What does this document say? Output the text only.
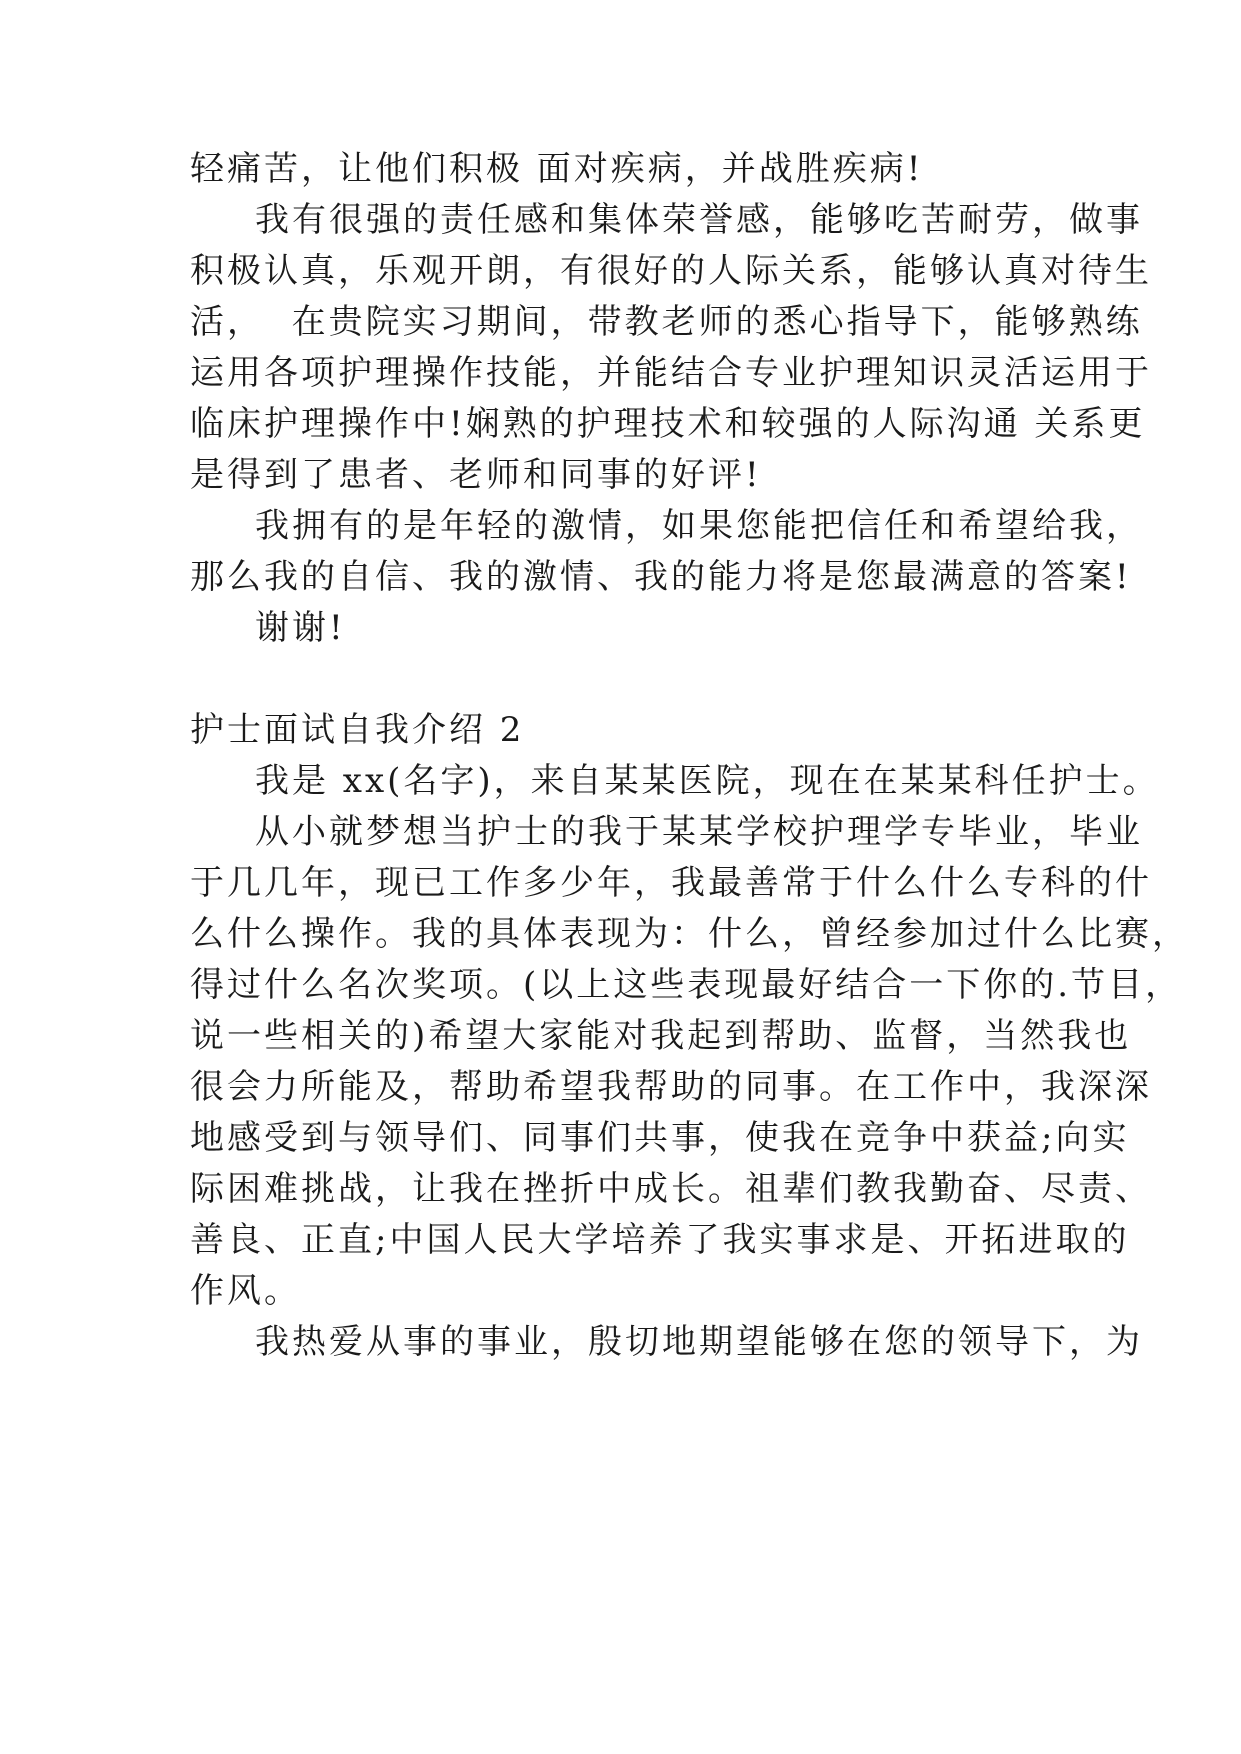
轻痛苦，让他们积极 面对疾病，并战胜疾病!
我有很强的责任感和集体荣誉感，能够吃苦耐劳，做事
积极认真，乐观开朗，有很好的人际关系，能够认真对待生
活，  在贵院实习期间，带教老师的悉心指导下，能够熟练
运用各项护理操作技能，并能结合专业护理知识灵活运用于
临床护理操作中!娴熟的护理技术和较强的人际沟通 关系更
是得到了患者、老师和同事的好评!
我拥有的是年轻的激情，如果您能把信任和希望给我，
那么我的自信、我的激情、我的能力将是您最满意的答案!
谢谢!
护士面试自我介绍 2
我是 xx(名字)，来自某某医院，现在在某某科任护士。
从小就梦想当护士的我于某某学校护理学专毕业，毕业
于几几年，现已工作多少年，我最善常于什么什么专科的什
么什么操作。我的具体表现为：什么，曾经参加过什么比赛，
得过什么名次奖项。(以上这些表现最好结合一下你的.节目，
说一些相关的)希望大家能对我起到帮助、监督，当然我也
很会力所能及，帮助希望我帮助的同事。在工作中，我深深
地感受到与领导们、同事们共事，使我在竞争中获益;向实
际困难挑战，让我在挫折中成长。祖辈们教我勤奋、尽责、
善良、正直;中国人民大学培养了我实事求是、开拓进取的
作风。
我热爱从事的事业，殷切地期望能够在您的领导下，为
